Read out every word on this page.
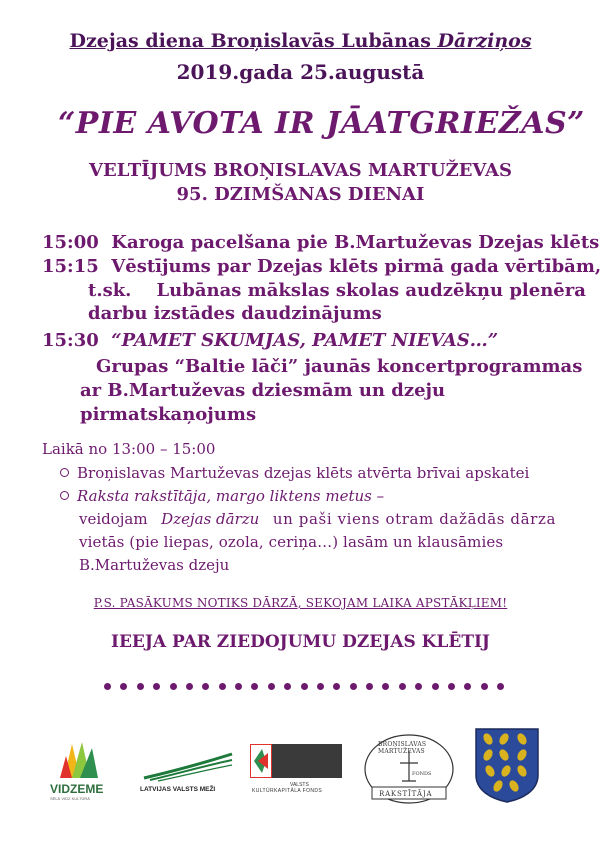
Dzejas diena Broņislavās Lubānas Dārziņos
2019.gada 25.augustā
“PIE AVOTA IR JĀATGRIEŽAS”
VELTĪJUMS BROŅISLAVAS MARTUŽEVAS
95. DZIMŠANAS DIENAI
15:00 Karoga pacelšana pie B.Martuževas Dzejas klēts
15:15 Vēstījums par Dzejas klēts pirmā gada vērtībām,
t.sk.    Lubānas mākslas skolas audzēkņu plenēra
darbu izstādes daudzinājums
15:30 “PAMET SKUMJAS, PAMET NIEVAS…”
Grupas “Baltie lāči” jaunās koncertprogrammas
ar B.Martuževas dziesmām un dzeju
pirmatskaņojums
Laikā no 13:00 – 15:00
Broņislavas Martuževas dzejas klēts atvērta brīvai apskatei
Raksta rakstītāja, margo liktens metus –
veidojam Dzejas dārzu un paši viens otram dažādās dārza
vietās (pie liepas, ozola, ceriņa…) lasām un klausāmies
B.Martuževas dzeju
P.S. PASĀKUMS NOTIKS DĀRZĀ, SEKOJAM LAIKA APSTĀKĻIEM!
IEEJA PAR ZIEDOJUMU DZEJAS KLĒTIJ
VIDZEME
SĒLĀ VIDZ KULTŪRĀ
LATVIJAS VALSTS MEŽI
VALSTS
KULTŪRKAPITĀLA FONDS
BROŅISLAVAS MARTUŽEVAS
FONDS
RAKSTĪTĀJA
